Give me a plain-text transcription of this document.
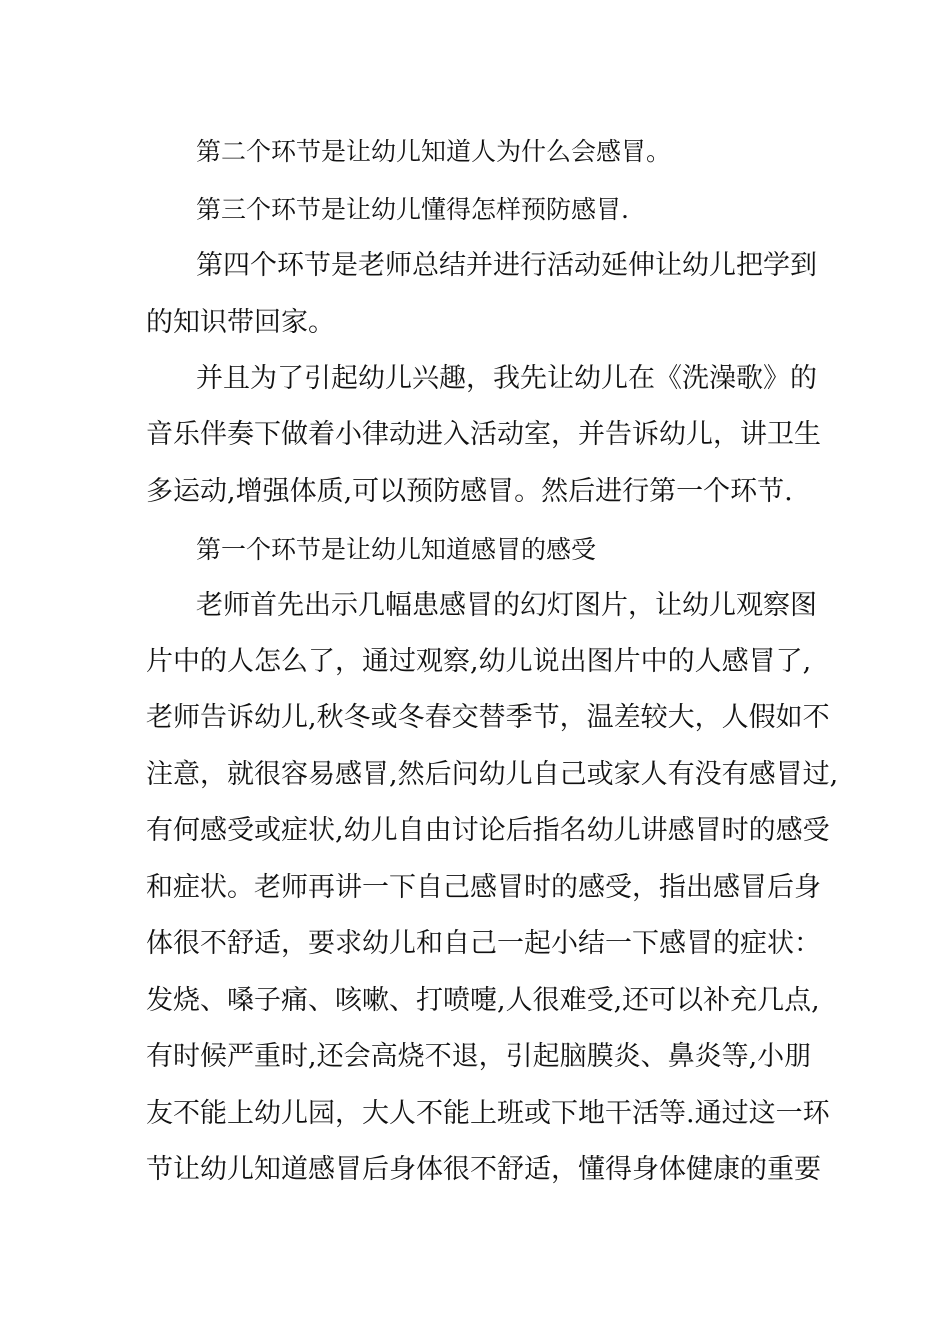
第二个环节是让幼儿知道人为什么会感冒。
第三个环节是让幼儿懂得怎样预防感冒.
第四个环节是老师总结并进行活动延伸让幼儿把学到
的知识带回家。
并且为了引起幼儿兴趣，我先让幼儿在《洗澡歌》的
音乐伴奏下做着小律动进入活动室，并告诉幼儿，讲卫生
多运动,增强体质,可以预防感冒。然后进行第一个环节.
第一个环节是让幼儿知道感冒的感受
老师首先出示几幅患感冒的幻灯图片，让幼儿观察图
片中的人怎么了，通过观察,幼儿说出图片中的人感冒了,
老师告诉幼儿,秋冬或冬春交替季节，温差较大，人假如不
注意，就很容易感冒,然后问幼儿自己或家人有没有感冒过,
有何感受或症状,幼儿自由讨论后指名幼儿讲感冒时的感受
和症状。老师再讲一下自己感冒时的感受，指出感冒后身
体很不舒适，要求幼儿和自己一起小结一下感冒的症状：
发烧、嗓子痛、咳嗽、打喷嚏,人很难受,还可以补充几点,
有时候严重时,还会高烧不退，引起脑膜炎、鼻炎等,小朋
友不能上幼儿园，大人不能上班或下地干活等.通过这一环
节让幼儿知道感冒后身体很不舒适，懂得身体健康的重要
